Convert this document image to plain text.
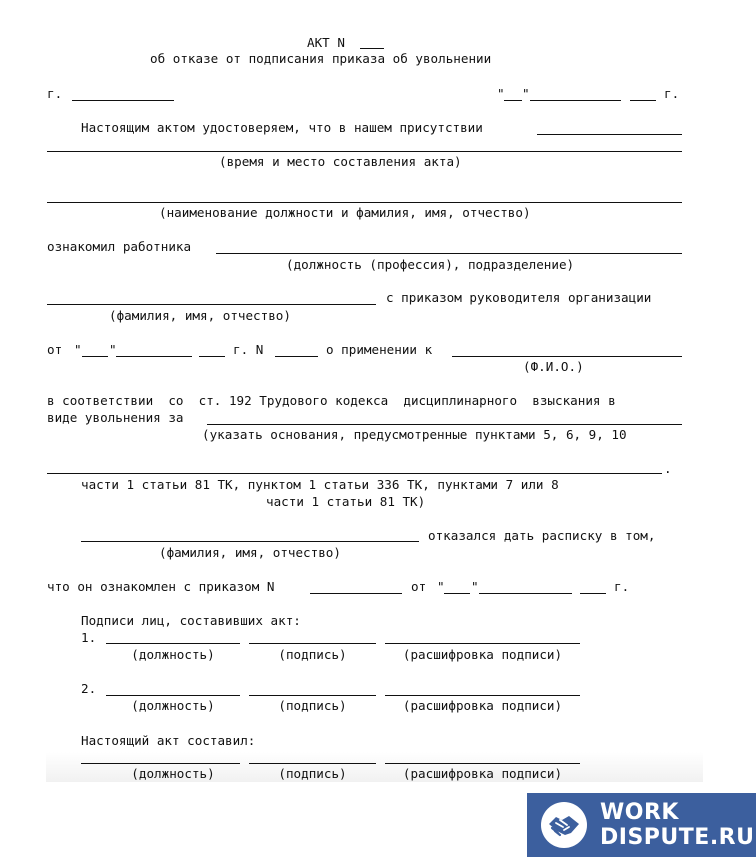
АКТ N
об отказе от подписания приказа об увольнении
г.	" "	г.
Настоящим актом удостоверяем, что в нашем присутствии
(время и место составления акта)
(наименование должности и фамилия, имя, отчество)
ознакомил работника
(должность (профессия), подразделение)
с приказом руководителя организации
(фамилия, имя, отчество)
от " "	г. N	о применении к
(Ф.И.О.)
в соответствии  со  ст. 192 Трудового кодекса  дисциплинарного  взыскания в
виде увольнения за
(указать основания, предусмотренные пунктами 5, 6, 9, 10
.
части 1 статьи 81 ТК, пунктом 1 статьи 336 ТК, пунктами 7 или 8
части 1 статьи 81 ТК)
отказался дать расписку в том,
(фамилия, имя, отчество)
что он ознакомлен с приказом N	от " "	г.
Подписи лиц, составивших акт:
1.
(должность)	(подпись)	(расшифровка подписи)
2.
(должность)	(подпись)	(расшифровка подписи)
Настоящий акт составил:
(должность)	(подпись)	(расшифровка подписи)
WORK
DISPUTE.RU
